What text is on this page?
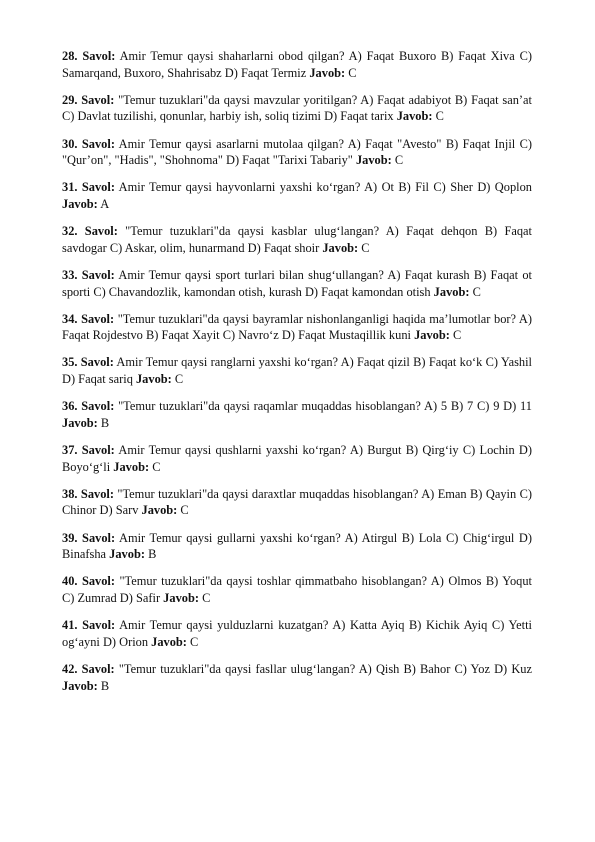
28. Savol: Amir Temur qaysi shaharlarni obod qilgan? A) Faqat Buxoro B) Faqat Xiva C) Samarqand, Buxoro, Shahrisabz D) Faqat Termiz Javob: C

29. Savol: "Temur tuzuklari"da qaysi mavzular yoritilgan? A) Faqat adabiyot B) Faqat san’at C) Davlat tuzilishi, qonunlar, harbiy ish, soliq tizimi D) Faqat tarix Javob: C

30. Savol: Amir Temur qaysi asarlarni mutolaa qilgan? A) Faqat "Avesto" B) Faqat Injil C) "Qur’on", "Hadis", "Shohnoma" D) Faqat "Tarixi Tabariy" Javob: C

31. Savol: Amir Temur qaysi hayvonlarni yaxshi ko‘rgan? A) Ot B) Fil C) Sher D) Qoplon Javob: A

32. Savol: "Temur tuzuklari"da qaysi kasblar ulug‘langan? A) Faqat dehqon B) Faqat savdogar C) Askar, olim, hunarmand D) Faqat shoir Javob: C

33. Savol: Amir Temur qaysi sport turlari bilan shug‘ullangan? A) Faqat kurash B) Faqat ot sporti C) Chavandozlik, kamondan otish, kurash D) Faqat kamondan otish Javob: C

34. Savol: "Temur tuzuklari"da qaysi bayramlar nishonlanganligi haqida ma’lumotlar bor? A) Faqat Rojdestvo B) Faqat Xayit C) Navro‘z D) Faqat Mustaqillik kuni Javob: C

35. Savol: Amir Temur qaysi ranglarni yaxshi ko‘rgan? A) Faqat qizil B) Faqat ko‘k C) Yashil D) Faqat sariq Javob: C

36. Savol: "Temur tuzuklari"da qaysi raqamlar muqaddas hisoblangan? A) 5 B) 7 C) 9 D) 11 Javob: B

37. Savol: Amir Temur qaysi qushlarni yaxshi ko‘rgan? A) Burgut B) Qirg‘iy C) Lochin D) Boyo‘g‘li Javob: C

38. Savol: "Temur tuzuklari"da qaysi daraxtlar muqaddas hisoblangan? A) Eman B) Qayin C) Chinor D) Sarv Javob: C

39. Savol: Amir Temur qaysi gullarni yaxshi ko‘rgan? A) Atirgul B) Lola C) Chig‘irgul D) Binafsha Javob: B

40. Savol: "Temur tuzuklari"da qaysi toshlar qimmatbaho hisoblangan? A) Olmos B) Yoqut C) Zumrad D) Safir Javob: C

41. Savol: Amir Temur qaysi yulduzlarni kuzatgan? A) Katta Ayiq B) Kichik Ayiq C) Yetti og‘ayni D) Orion Javob: C

42. Savol: "Temur tuzuklari"da qaysi fasllar ulug‘langan? A) Qish B) Bahor C) Yoz D) Kuz Javob: B
